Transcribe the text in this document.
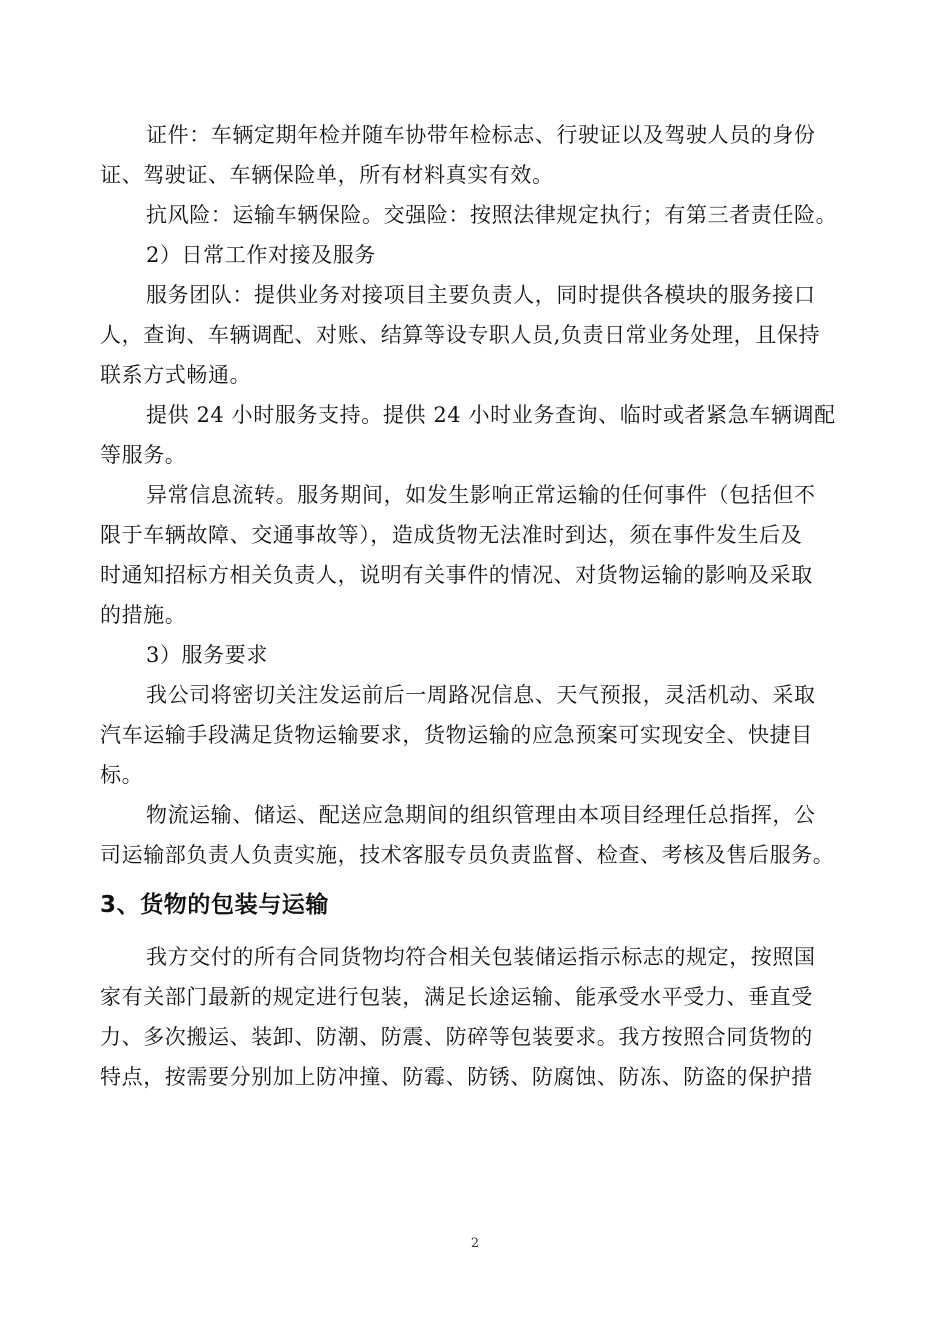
证件：车辆定期年检并随车协带年检标志、行驶证以及驾驶人员的身份
证、驾驶证、车辆保险单，所有材料真实有效。

抗风险：运输车辆保险。交强险：按照法律规定执行；有第三者责任险。

2）日常工作对接及服务

服务团队：提供业务对接项目主要负责人，同时提供各模块的服务接口
人，查询、车辆调配、对账、结算等设专职人员,负责日常业务处理，且保持
联系方式畅通。

提供 24 小时服务支持。提供 24 小时业务查询、临时或者紧急车辆调配
等服务。

异常信息流转。服务期间，如发生影响正常运输的任何事件（包括但不
限于车辆故障、交通事故等），造成货物无法准时到达，须在事件发生后及
时通知招标方相关负责人，说明有关事件的情况、对货物运输的影响及采取
的措施。

3）服务要求

我公司将密切关注发运前后一周路况信息、天气预报，灵活机动、采取
汽车运输手段满足货物运输要求，货物运输的应急预案可实现安全、快捷目
标。

物流运输、储运、配送应急期间的组织管理由本项目经理任总指挥，公
司运输部负责人负责实施，技术客服专员负责监督、检查、考核及售后服务。

3、货物的包装与运输

我方交付的所有合同货物均符合相关包装储运指示标志的规定，按照国
家有关部门最新的规定进行包装，满足长途运输、能承受水平受力、垂直受
力、多次搬运、装卸、防潮、防震、防碎等包装要求。我方按照合同货物的
特点，按需要分别加上防冲撞、防霉、防锈、防腐蚀、防冻、防盗的保护措

2
